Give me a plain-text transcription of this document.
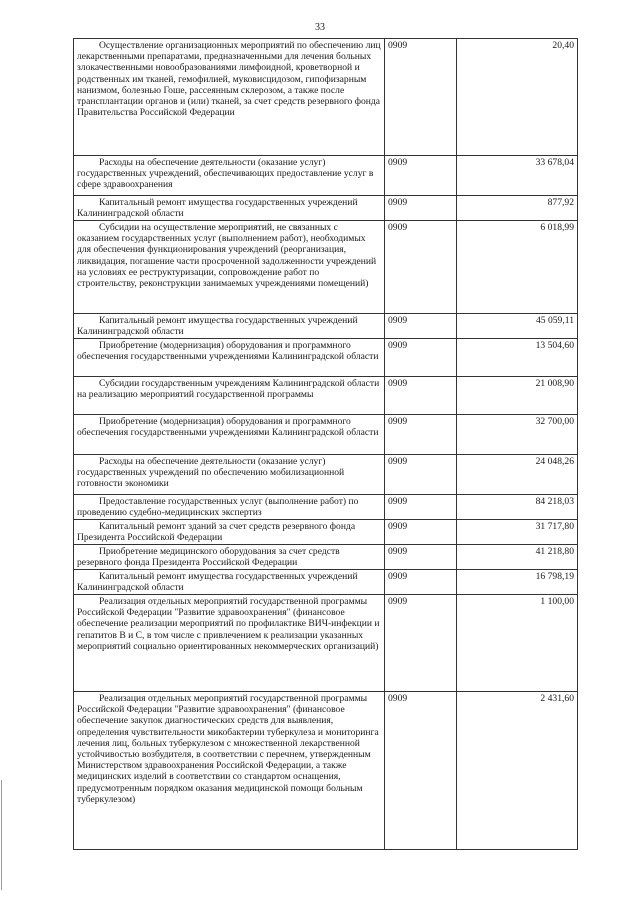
33
Осуществление организационных мероприятий по обеспечению лиц лекарственными препаратами, предназначенными для лечения больных злокачественными новообразованиями лимфоидной, кроветворной и родственных им тканей, гемофилией, муковисцидозом, гипофизарным нанизмом, болезнью Гоше, рассеянным склерозом, а также после трансплантации органов и (или) тканей, за счет средств резервного фонда Правительства Российской Федерации	0909	20,40
Расходы на обеспечение деятельности (оказание услуг) государственных учреждений, обеспечивающих предоставление услуг в сфере здравоохранения	0909	33 678,04
Капитальный ремонт имущества государственных учреждений Калининградской области	0909	877,92
Субсидии на осуществление мероприятий, не связанных с оказанием государственных услуг (выполнением работ), необходимых для обеспечения функционирования учреждений (реорганизация, ликвидация, погашение части просроченной задолженности учреждений на условиях ее реструктуризации, сопровождение работ по строительству, реконструкции занимаемых учреждениями помещений)	0909	6 018,99
Капитальный ремонт имущества государственных учреждений Калининградской области	0909	45 059,11
Приобретение (модернизация) оборудования и программного обеспечения государственными учреждениями Калининградской области	0909	13 504,60
Субсидии государственным учреждениям Калининградской области на реализацию мероприятий государственной программы	0909	21 008,90
Приобретение (модернизация) оборудования и программного обеспечения государственными учреждениями Калининградской области	0909	32 700,00
Расходы на обеспечение деятельности (оказание услуг) государственных учреждений по обеспечению мобилизационной готовности экономики	0909	24 048,26
Предоставление государственных услуг (выполнение работ) по проведению судебно-медицинских экспертиз	0909	84 218,03
Капитальный ремонт зданий за счет средств резервного фонда Президента Российской Федерации	0909	31 717,80
Приобретение медицинского оборудования за счет средств резервного фонда Президента Российской Федерации	0909	41 218,80
Капитальный ремонт имущества государственных учреждений Калининградской области	0909	16 798,19
Реализация отдельных мероприятий государственной программы Российской Федерации "Развитие здравоохранения" (финансовое обеспечение реализации мероприятий по профилактике ВИЧ-инфекции и гепатитов В и С, в том числе с привлечением к реализации указанных мероприятий социально ориентированных некоммерческих организаций)	0909	1 100,00
Реализация отдельных мероприятий государственной программы Российской Федерации "Развитие здравоохранения" (финансовое обеспечение закупок диагностических средств для выявления, определения чувствительности микобактерии туберкулеза и мониторинга лечения лиц, больных туберкулезом с множественной лекарственной устойчивостью возбудителя, в соответствии с перечнем, утвержденным Министерством здравоохранения Российской Федерации, а также медицинских изделий в соответствии со стандартом оснащения, предусмотренным порядком оказания медицинской помощи больным туберкулезом)	0909	2 431,60
